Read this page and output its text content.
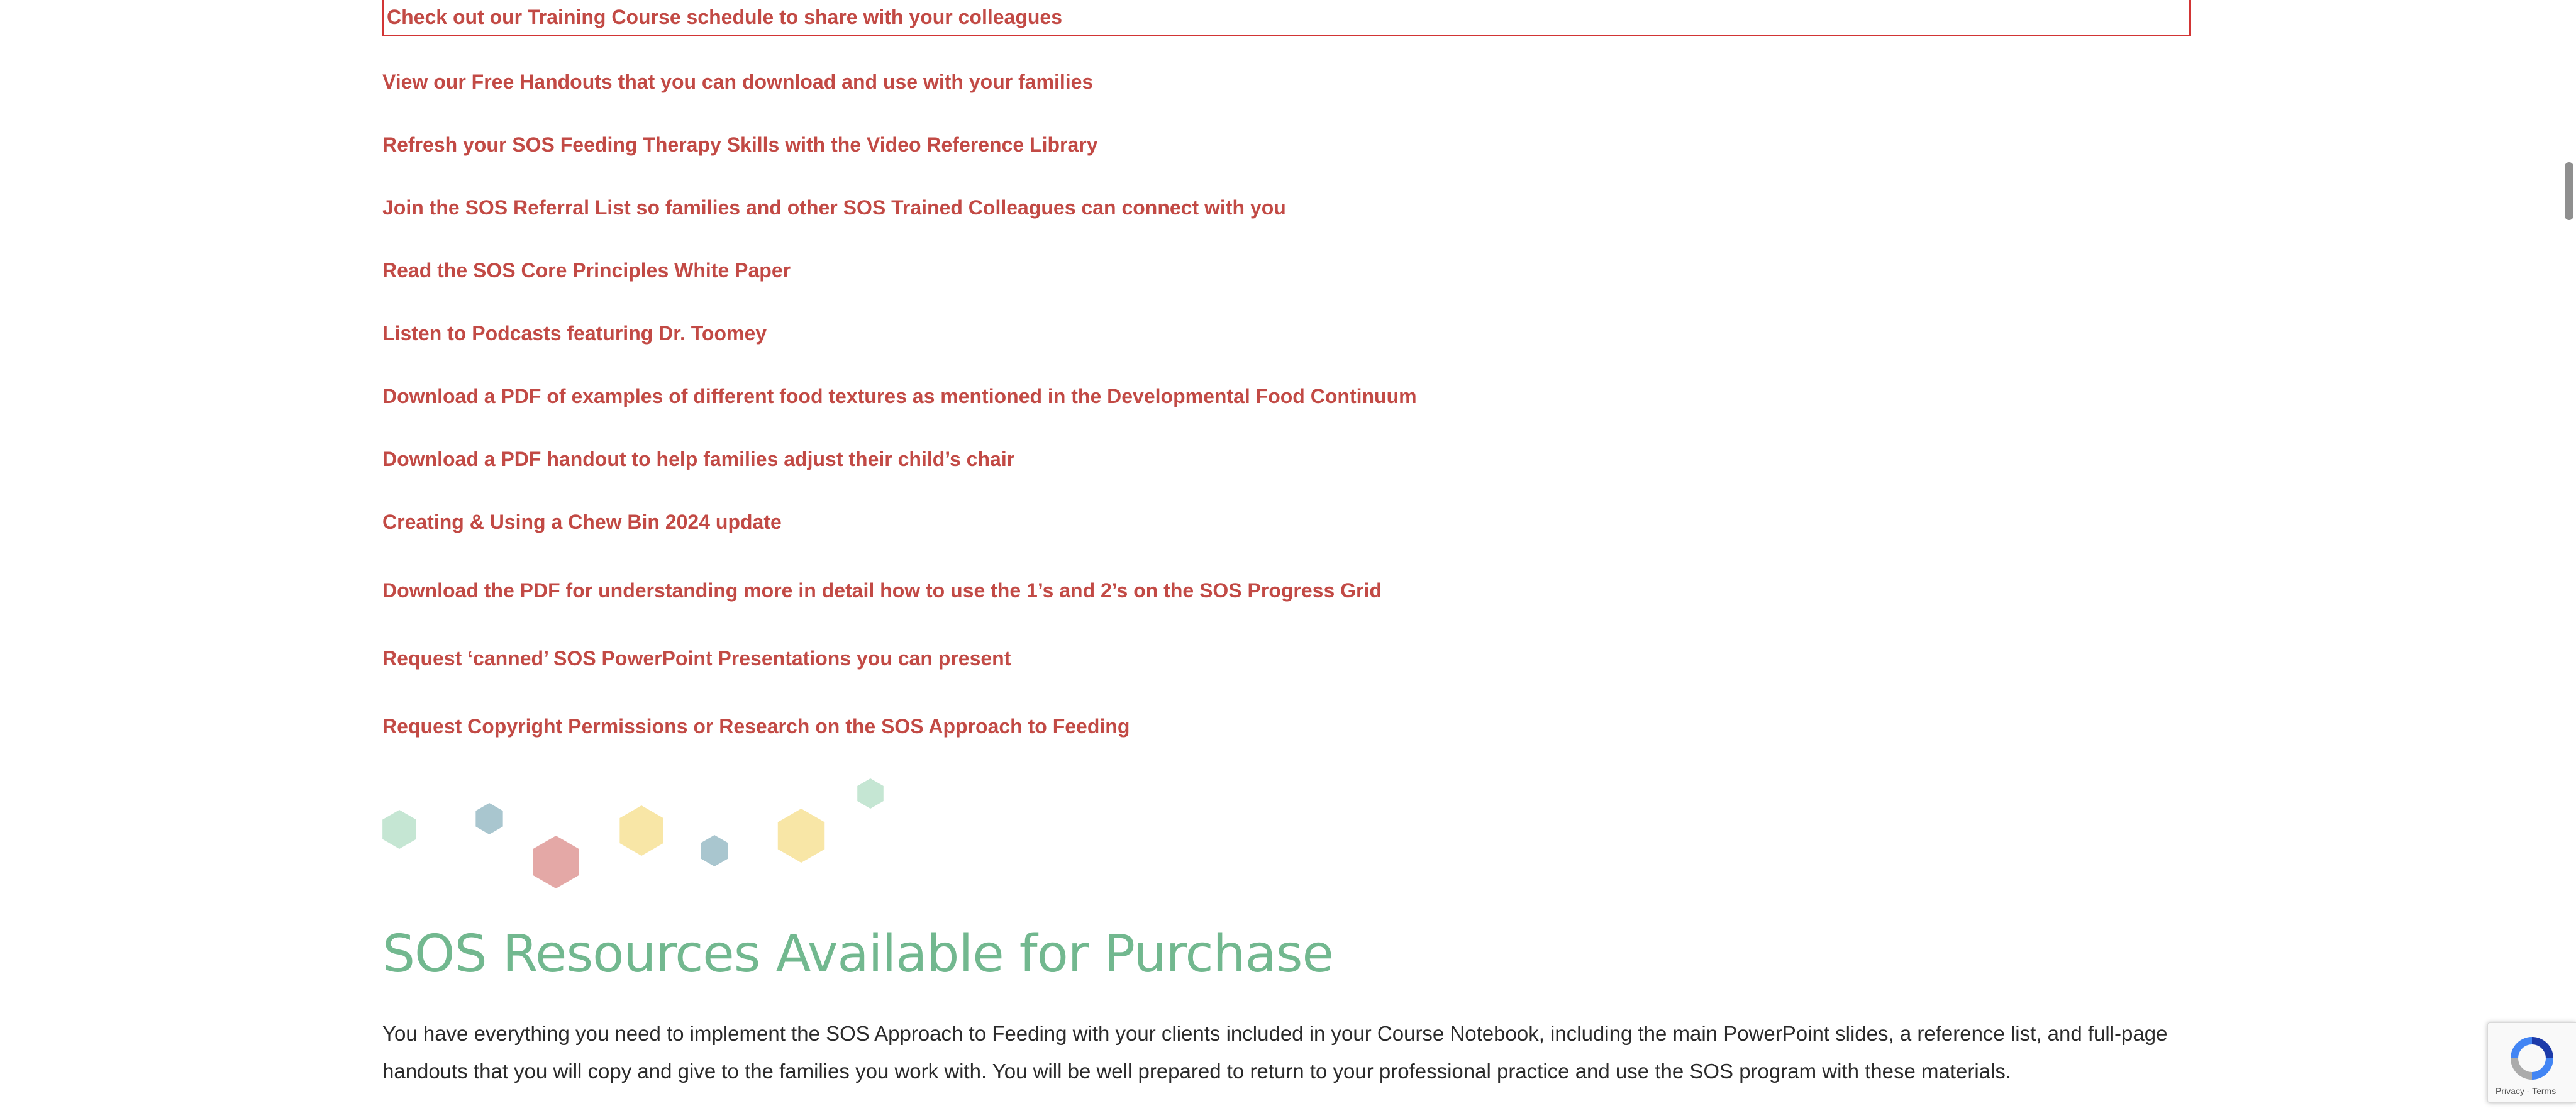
Check out our Training Course schedule to share with your colleagues
View our Free Handouts that you can download and use with your families
Refresh your SOS Feeding Therapy Skills with the Video Reference Library
Join the SOS Referral List so families and other SOS Trained Colleagues can connect with you
Read the SOS Core Principles White Paper
Listen to Podcasts featuring Dr. Toomey
Download a PDF of examples of different food textures as mentioned in the Developmental Food Continuum
Download a PDF handout to help families adjust their child’s chair
Creating & Using a Chew Bin 2024 update
Download the PDF for understanding more in detail how to use the 1’s and 2’s on the SOS Progress Grid
Request ‘canned’ SOS PowerPoint Presentations you can present
Request Copyright Permissions or Research on the SOS Approach to Feeding
SOS Resources Available for Purchase

You have everything you need to implement the SOS Approach to Feeding with your clients included in your Course Notebook, including the main PowerPoint slides, a reference list, and full-page handouts that you will copy and give to the families you work with. You will be well prepared to return to your professional practice and use the SOS program with these materials.

Privacy - Terms
